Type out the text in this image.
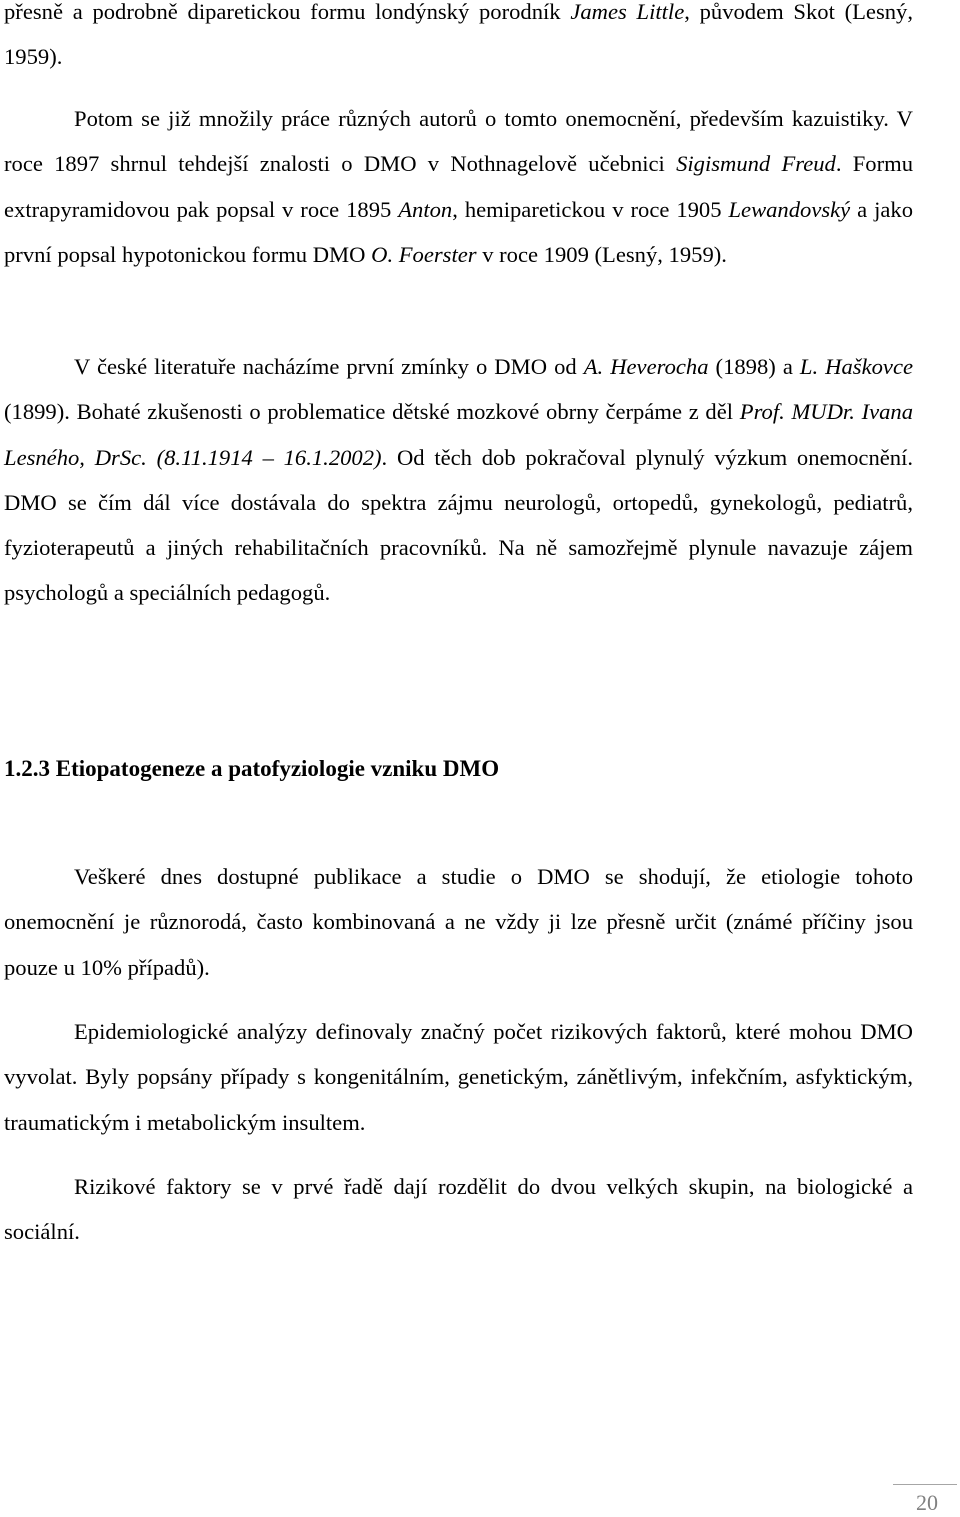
přesně a podrobně diparetickou formu londýnský porodník James Little, původem Skot (Lesný, 1959).

Potom se již množily práce různých autorů o tomto onemocnění, především kazuistiky. V roce 1897 shrnul tehdejší znalosti o DMO v Nothnagelově učebnici Sigismund Freud. Formu extrapyramidovou pak popsal v roce 1895 Anton, hemiparetickou v roce 1905 Lewandovský a jako první popsal hypotonickou formu DMO O. Foerster v roce 1909 (Lesný, 1959).

V české literatuře nacházíme první zmínky o DMO od A. Heverocha (1898) a L. Haškovce (1899). Bohaté zkušenosti o problematice dětské mozkové obrny čerpáme z děl Prof. MUDr. Ivana Lesného, DrSc. (8.11.1914 – 16.1.2002). Od těch dob pokračoval plynulý výzkum onemocnění. DMO se čím dál více dostávala do spektra zájmu neurologů, ortopedů, gynekologů, pediatrů, fyzioterapeutů a jiných rehabilitačních pracovníků. Na ně samozřejmě plynule navazuje zájem psychologů a speciálních pedagogů.

1.2.3 Etiopatogeneze a patofyziologie vzniku DMO

Veškeré dnes dostupné publikace a studie o DMO se shodují, že etiologie tohoto onemocnění je různorodá, často kombinovaná a ne vždy ji lze přesně určit (známé příčiny jsou pouze u 10% případů).

Epidemiologické analýzy definovaly značný počet rizikových faktorů, které mohou DMO vyvolat. Byly popsány případy s kongenitálním, genetickým, zánětlivým, infekčním, asfyktickým, traumatickým i metabolickým insultem.

Rizikové faktory se v prvé řadě dají rozdělit do dvou velkých skupin, na biologické a sociální.

20
